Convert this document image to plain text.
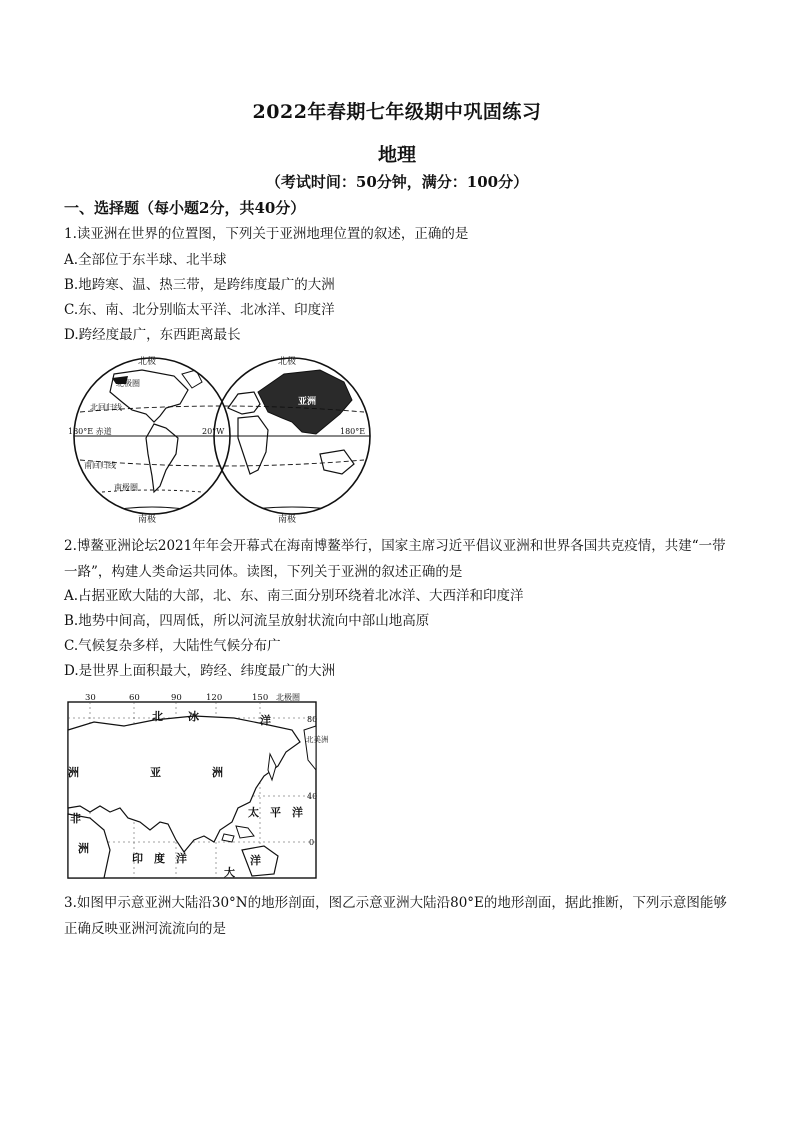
2022年春期七年级期中巩固练习
地理
（考试时间：50分钟，满分：100分）
一、选择题（每小题2分，共40分）
1.读亚洲在世界的位置图，下列关于亚洲地理位置的叙述，正确的是
A.全部位于东半球、北半球
B.地跨寒、温、热三带，是跨纬度最广的大洲
C.东、南、北分别临太平洋、北冰洋、印度洋
D.跨经度最广，东西距离最长
北极	北极
北极圈
北回归线
180°E 赤道
南回归线
南极圈
南极	南极
20°W	180°E
亚洲
2.博鳌亚洲论坛2021年年会开幕式在海南博鳌举行，国家主席习近平倡议亚洲和世界各国共克疫情，共建“一带一路”，构建人类命运共同体。读图，下列关于亚洲的叙述正确的是
A.占据亚欧大陆的大部，北、东、南三面分别环绕着北冰洋、大西洋和印度洋
B.地势中间高，四周低，所以河流呈放射状流向中部山地高原
C.气候复杂多样，大陆性气候分布广
D.是世界上面积最大，跨经、纬度最广的大洲
30	60	90	120	150 北极圈
80
40
0
北 冰	洋
洲	亚	洲
非
洲
印 度 洋
太 平 洋
大
洋
北美洲
3.如图甲示意亚洲大陆沿30°N的地形剖面，图乙示意亚洲大陆沿80°E的地形剖面，据此推断，下列示意图能够正确反映亚洲河流流向的是
